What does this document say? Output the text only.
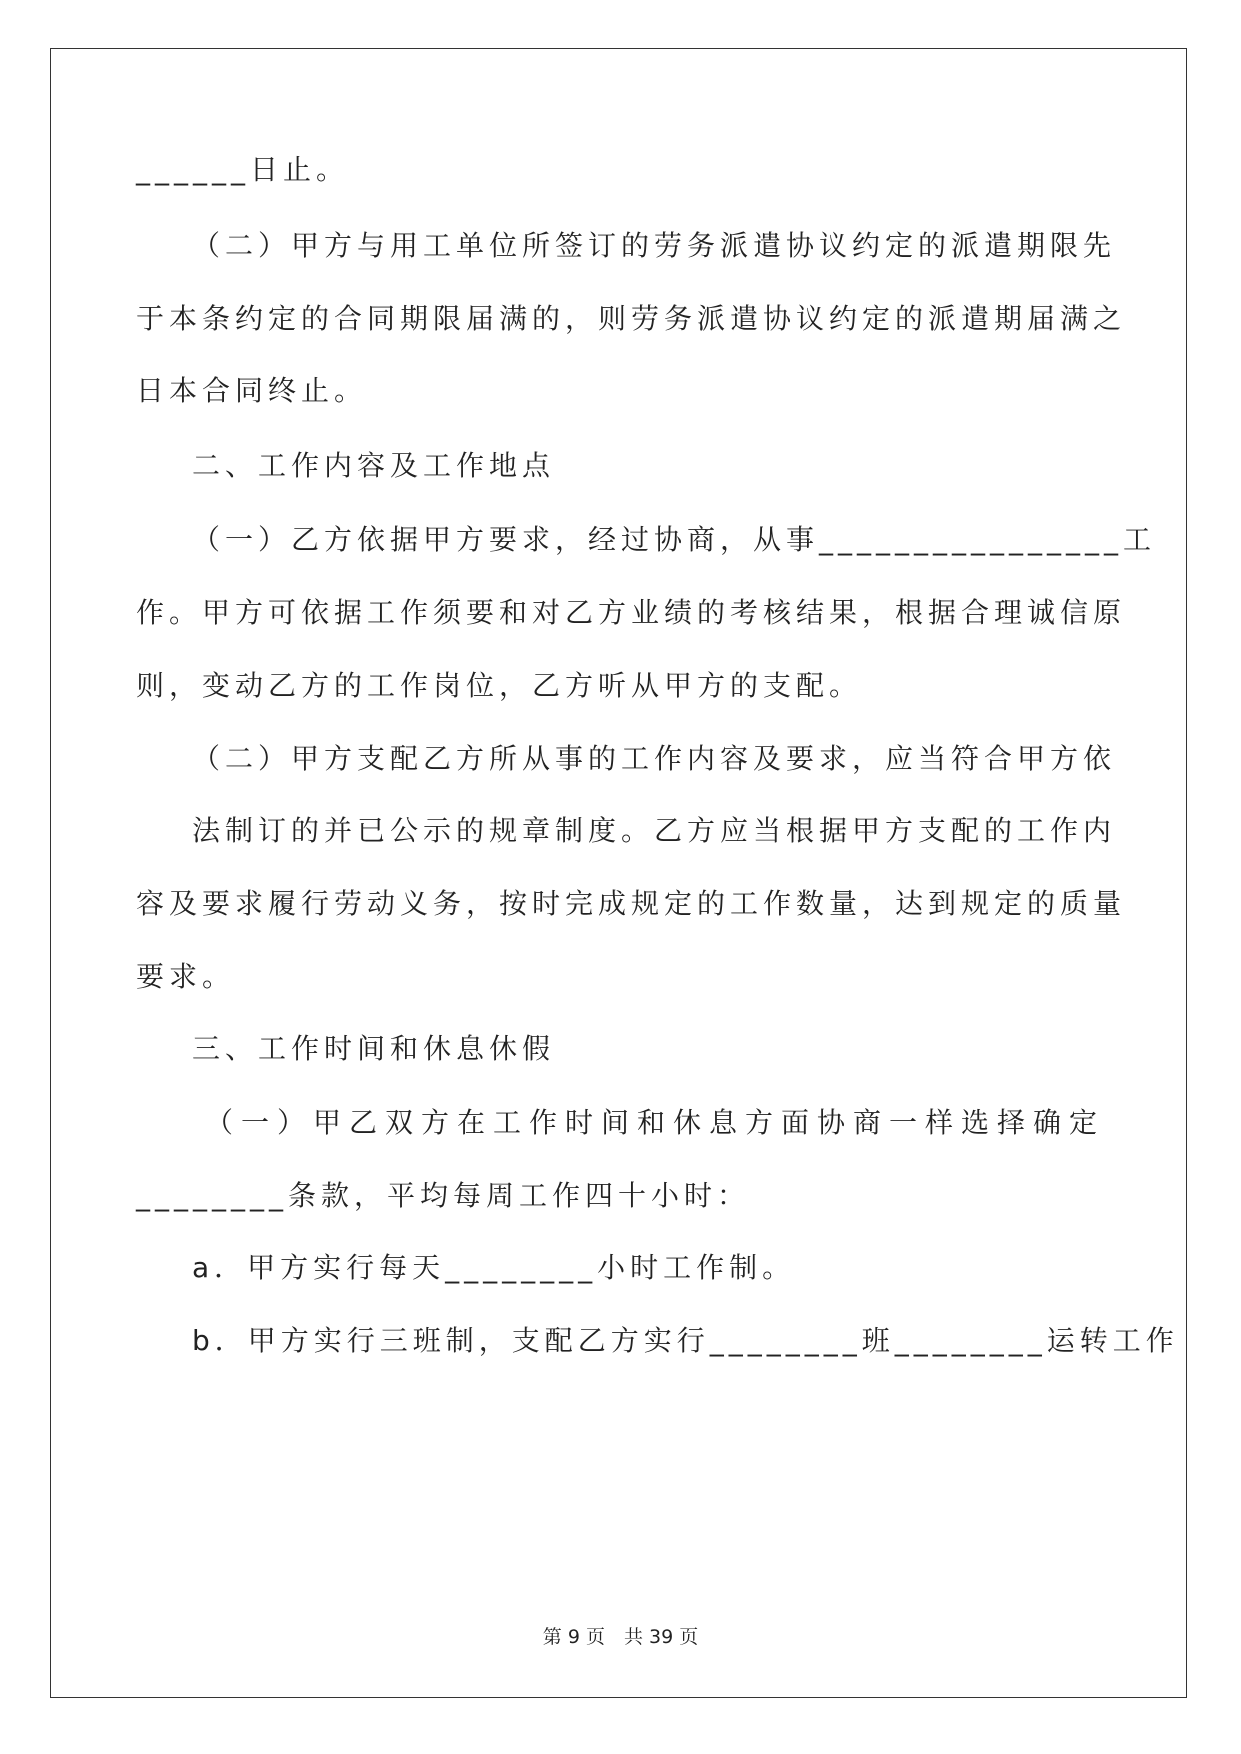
______日止。
（二）甲方与用工单位所签订的劳务派遣协议约定的派遣期限先
于本条约定的合同期限届满的，则劳务派遣协议约定的派遣期届满之
日本合同终止。
二、工作内容及工作地点
（一）乙方依据甲方要求，经过协商，从事________________工
作。甲方可依据工作须要和对乙方业绩的考核结果，根据合理诚信原
则，变动乙方的工作岗位，乙方听从甲方的支配。
（二）甲方支配乙方所从事的工作内容及要求，应当符合甲方依
法制订的并已公示的规章制度。乙方应当根据甲方支配的工作内
容及要求履行劳动义务，按时完成规定的工作数量，达到规定的质量
要求。
三、工作时间和休息休假
（一）甲乙双方在工作时间和休息方面协商一样选择确定
________条款，平均每周工作四十小时：
a．甲方实行每天________小时工作制。
b．甲方实行三班制，支配乙方实行________班________运转工作
第 9 页　共 39 页
